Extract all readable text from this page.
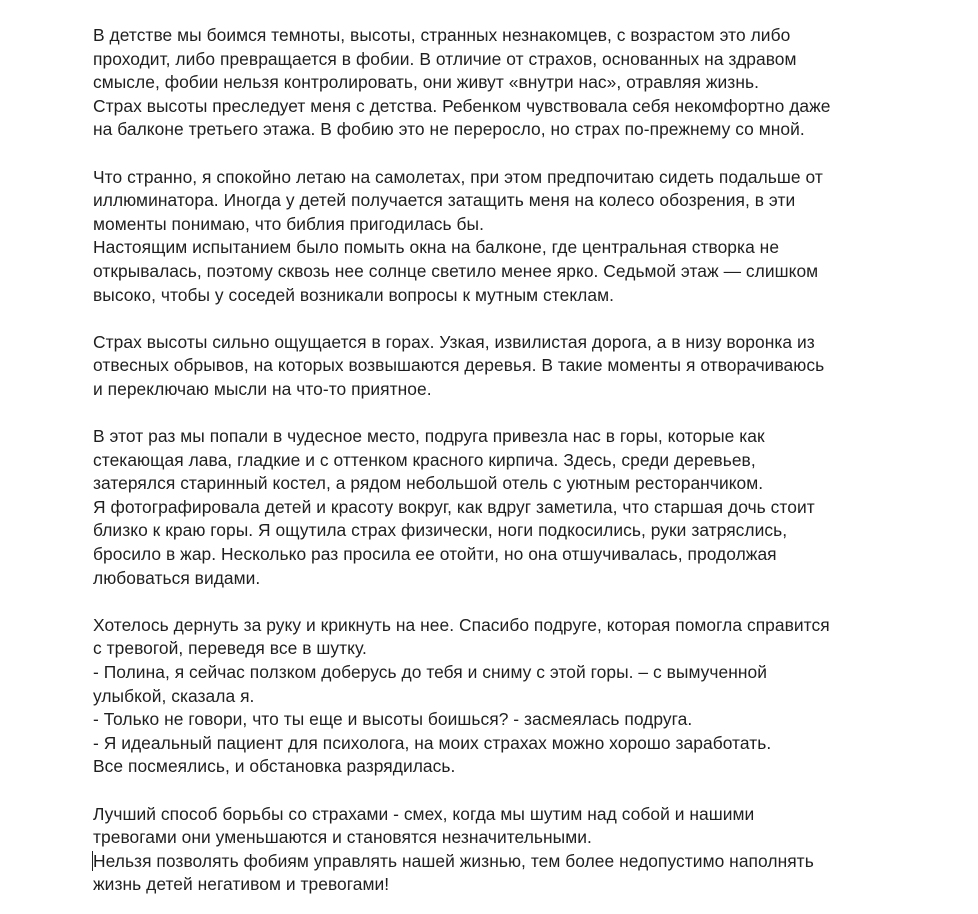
В детстве мы боимся темноты, высоты, странных незнакомцев, с возрастом это либо
проходит, либо превращается в фобии. В отличие от страхов, основанных на здравом
смысле, фобии нельзя контролировать, они живут «внутри нас», отравляя жизнь.
Страх высоты преследует меня с детства. Ребенком чувствовала себя некомфортно даже
на балконе третьего этажа. В фобию это не переросло, но страх по-прежнему со мной.
Что странно, я спокойно летаю на самолетах, при этом предпочитаю сидеть подальше от
иллюминатора. Иногда у детей получается затащить меня на колесо обозрения, в эти
моменты понимаю, что библия пригодилась бы.
Настоящим испытанием было помыть окна на балконе, где центральная створка не
открывалась, поэтому сквозь нее солнце светило менее ярко. Седьмой этаж — слишком
высоко, чтобы у соседей возникали вопросы к мутным стеклам.
Страх высоты сильно ощущается в горах. Узкая, извилистая дорога, а в низу воронка из
отвесных обрывов, на которых возвышаются деревья. В такие моменты я отворачиваюсь
и переключаю мысли на что-то приятное.
В этот раз мы попали в чудесное место, подруга привезла нас в горы, которые как
стекающая лава, гладкие и с оттенком красного кирпича. Здесь, среди деревьев,
затерялся старинный костел, а рядом небольшой отель с уютным ресторанчиком.
Я фотографировала детей и красоту вокруг, как вдруг заметила, что старшая дочь стоит
близко к краю горы. Я ощутила страх физически, ноги подкосились, руки затряслись,
бросило в жар. Несколько раз просила ее отойти, но она отшучивалась, продолжая
любоваться видами.
Хотелось дернуть за руку и крикнуть на нее. Спасибо подруге, которая помогла справится
с тревогой, переведя все в шутку.
- Полина, я сейчас ползком доберусь до тебя и сниму с этой горы. – с вымученной
улыбкой, сказала я.
- Только не говори, что ты еще и высоты боишься? - засмеялась подруга.
- Я идеальный пациент для психолога, на моих страхах можно хорошо заработать.
Все посмеялись, и обстановка разрядилась.
Лучший способ борьбы со страхами - смех, когда мы шутим над собой и нашими
тревогами они уменьшаются и становятся незначительными.
Нельзя позволять фобиям управлять нашей жизнью, тем более недопустимо наполнять
жизнь детей негативом и тревогами!
